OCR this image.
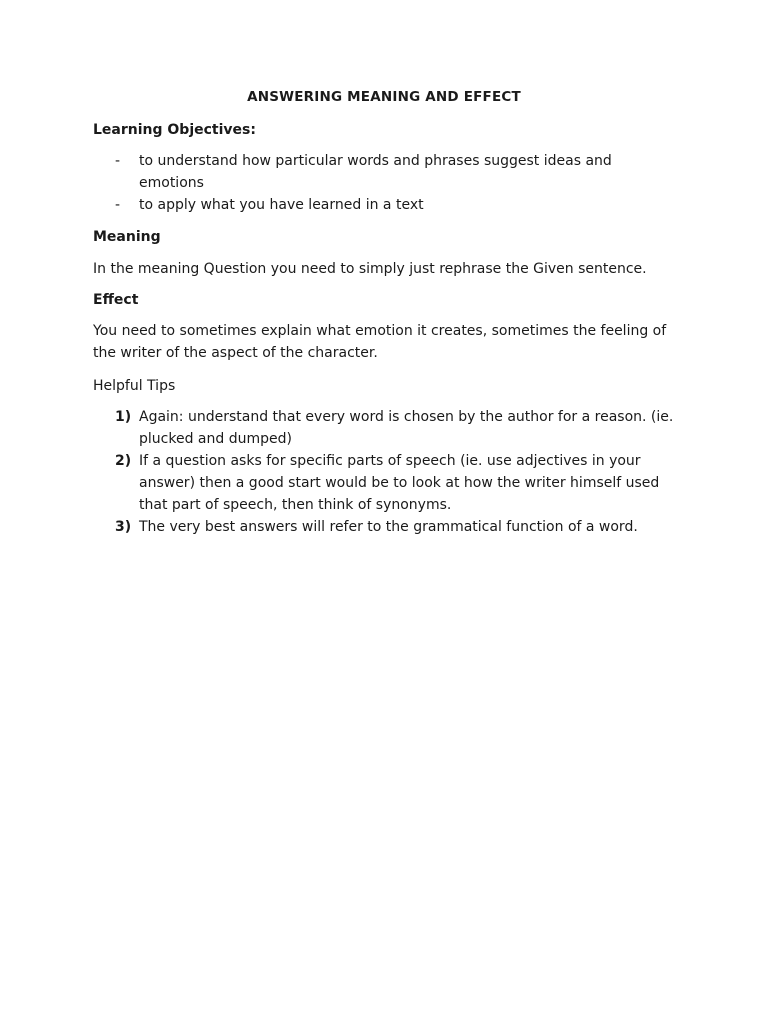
ANSWERING MEANING AND EFFECT
Learning Objectives:
-	to understand how particular words and phrases suggest ideas and emotions
-	to apply what you have learned in a text
Meaning

In the meaning Question you need to simply just rephrase the Given sentence.

Effect

You need to sometimes explain what emotion it creates, sometimes the feeling of the writer of the aspect of the character.

Helpful Tips

1) Again: understand that every word is chosen by the author for a reason. (ie. plucked and dumped)
2) If a question asks for specific parts of speech (ie. use adjectives in your answer) then a good start would be to look at how the writer himself used that part of speech, then think of synonyms.
3) The very best answers will refer to the grammatical function of a word.
